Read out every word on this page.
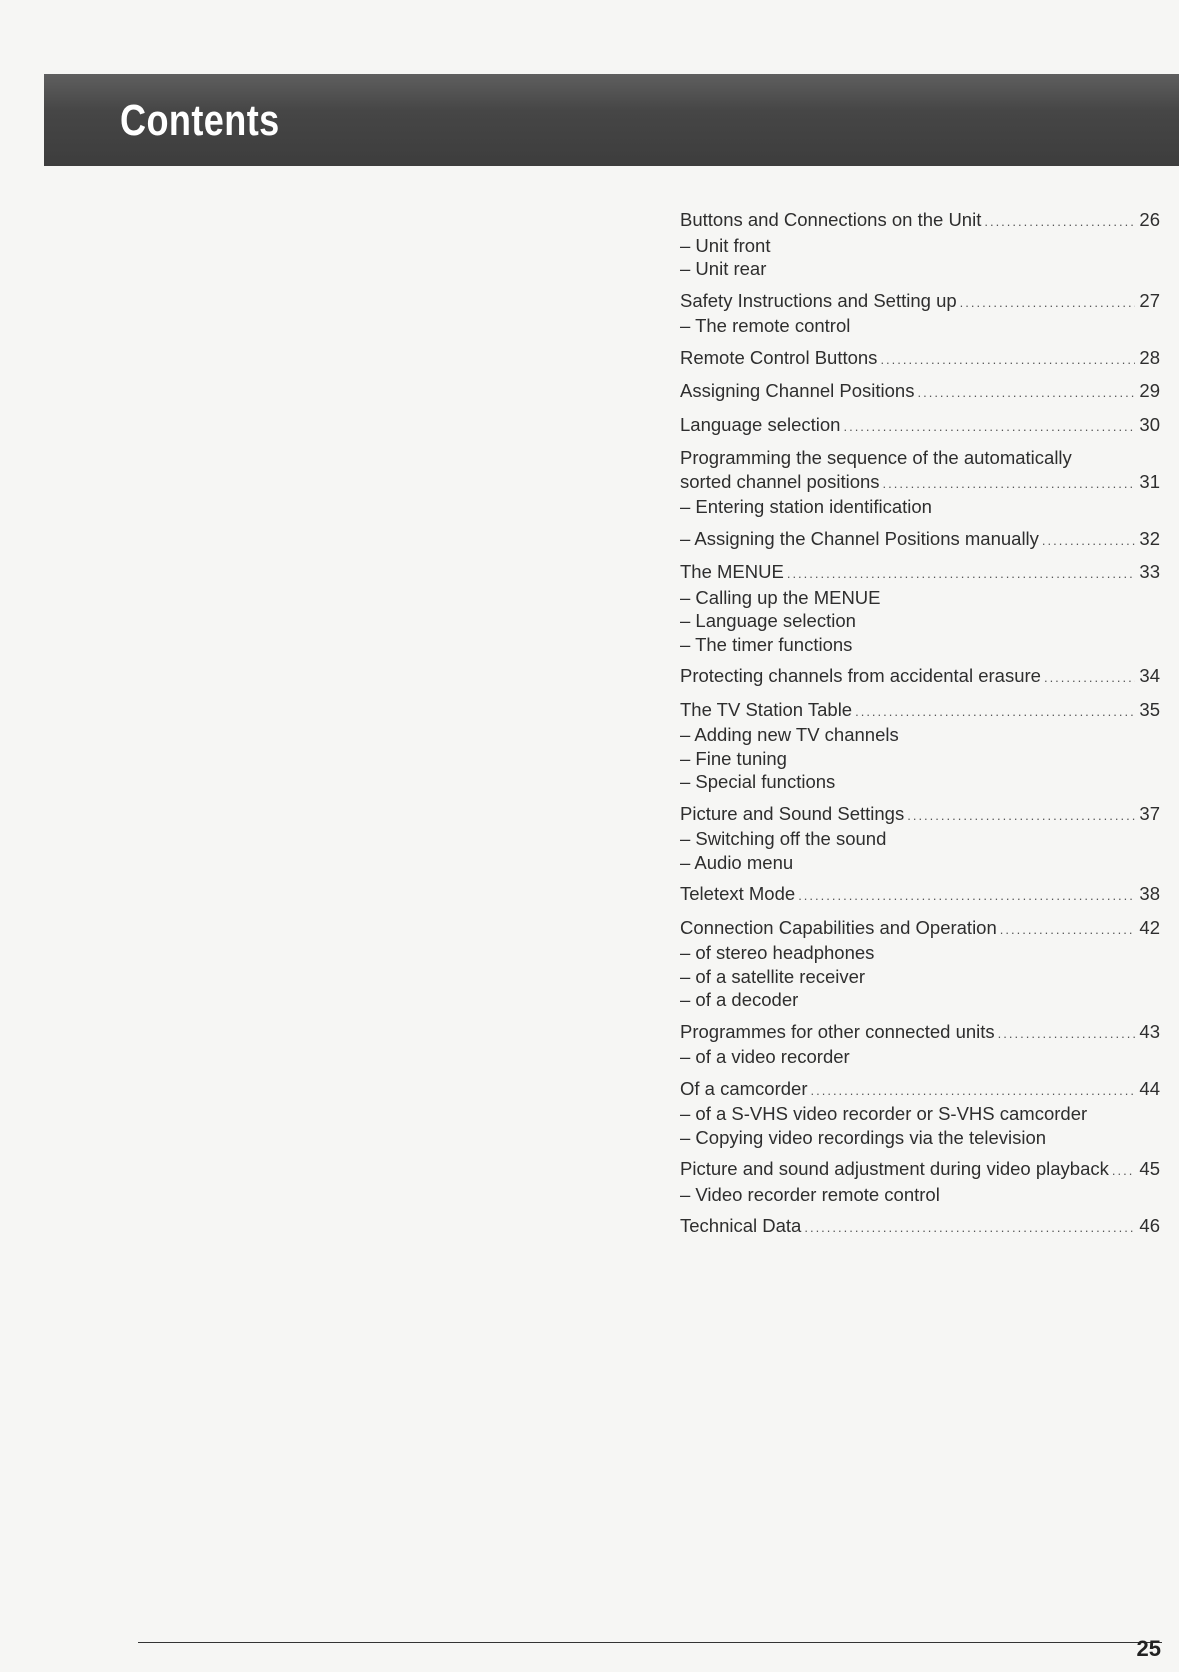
Contents
Buttons and Connections on the Unit .....	26
– Unit front
– Unit rear
Safety Instructions and Setting up .....	27
– The remote control
Remote Control Buttons .....	28
Assigning Channel Positions .....	29
Language selection .....	30
Programming the sequence of the automatically
sorted channel positions .....	31
– Entering station identification
– Assigning the Channel Positions manually .....	32
The MENUE .....	33
– Calling up the MENUE
– Language selection
– The timer functions
Protecting channels from accidental erasure .....	34
The TV Station Table .....	35
– Adding new TV channels
– Fine tuning
– Special functions
Picture and Sound Settings .....	37
– Switching off the sound
– Audio menu
Teletext Mode .....	38
Connection Capabilities and Operation .....	42
– of stereo headphones
– of a satellite receiver
– of a decoder
Programmes for other connected units .....	43
– of a video recorder
Of a camcorder .....	44
– of a S-VHS video recorder or S-VHS camcorder
– Copying video recordings via the television
Picture and sound adjustment during video playback ..... 45
– Video recorder remote control
Technical Data .....	46
25
